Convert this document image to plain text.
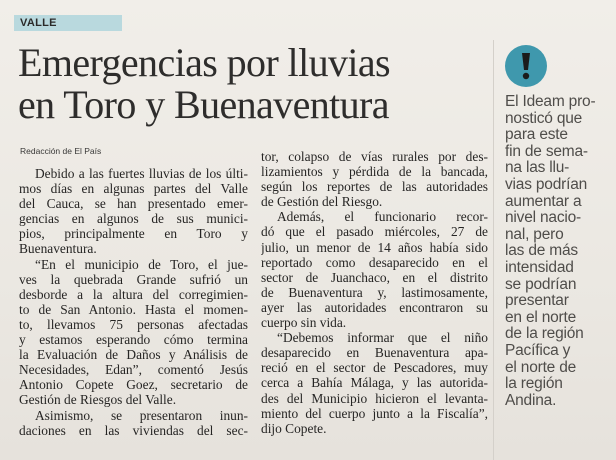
VALLE
Emergencias por lluvias
en Toro y Buenaventura
Redacción de El País
Debido a las fuertes lluvias de los últi-
mos días en algunas partes del Valle
del Cauca, se han presentado emer-
gencias en algunos de sus munici-
pios, principalmente en Toro y
Buenaventura.
“En el municipio de Toro, el jue-
ves la quebrada Grande sufrió un
desborde a la altura del corregimien-
to de San Antonio. Hasta el momen-
to, llevamos 75 personas afectadas
y estamos esperando cómo termina
la Evaluación de Daños y Análisis de
Necesidades, Edan”, comentó Jesús
Antonio Copete Goez, secretario de
Gestión de Riesgos del Valle.
Asimismo, se presentaron inun-
daciones en las viviendas del sec-
tor, colapso de vías rurales por des-
lizamientos y pérdida de la bancada,
según los reportes de las autoridades
de Gestión del Riesgo.
Además, el funcionario recor-
dó que el pasado miércoles, 27 de
julio, un menor de 14 años había sido
reportado como desaparecido en el
sector de Juanchaco, en el distrito
de Buenaventura y, lastimosamente,
ayer las autoridades encontraron su
cuerpo sin vida.
“Debemos informar que el niño
desaparecido en Buenaventura apa-
reció en el sector de Pescadores, muy
cerca a Bahía Málaga, y las autorida-
des del Municipio hicieron el levanta-
miento del cuerpo junto a la Fiscalía”,
dijo Copete.
El Ideam pro-
nosticó que
para este
fin de sema-
na las llu-
vias podrían
aumentar a
nivel nacio-
nal, pero
las de más
intensidad
se podrían
presentar
en el norte
de la región
Pacífica y
el norte de
la región
Andina.
